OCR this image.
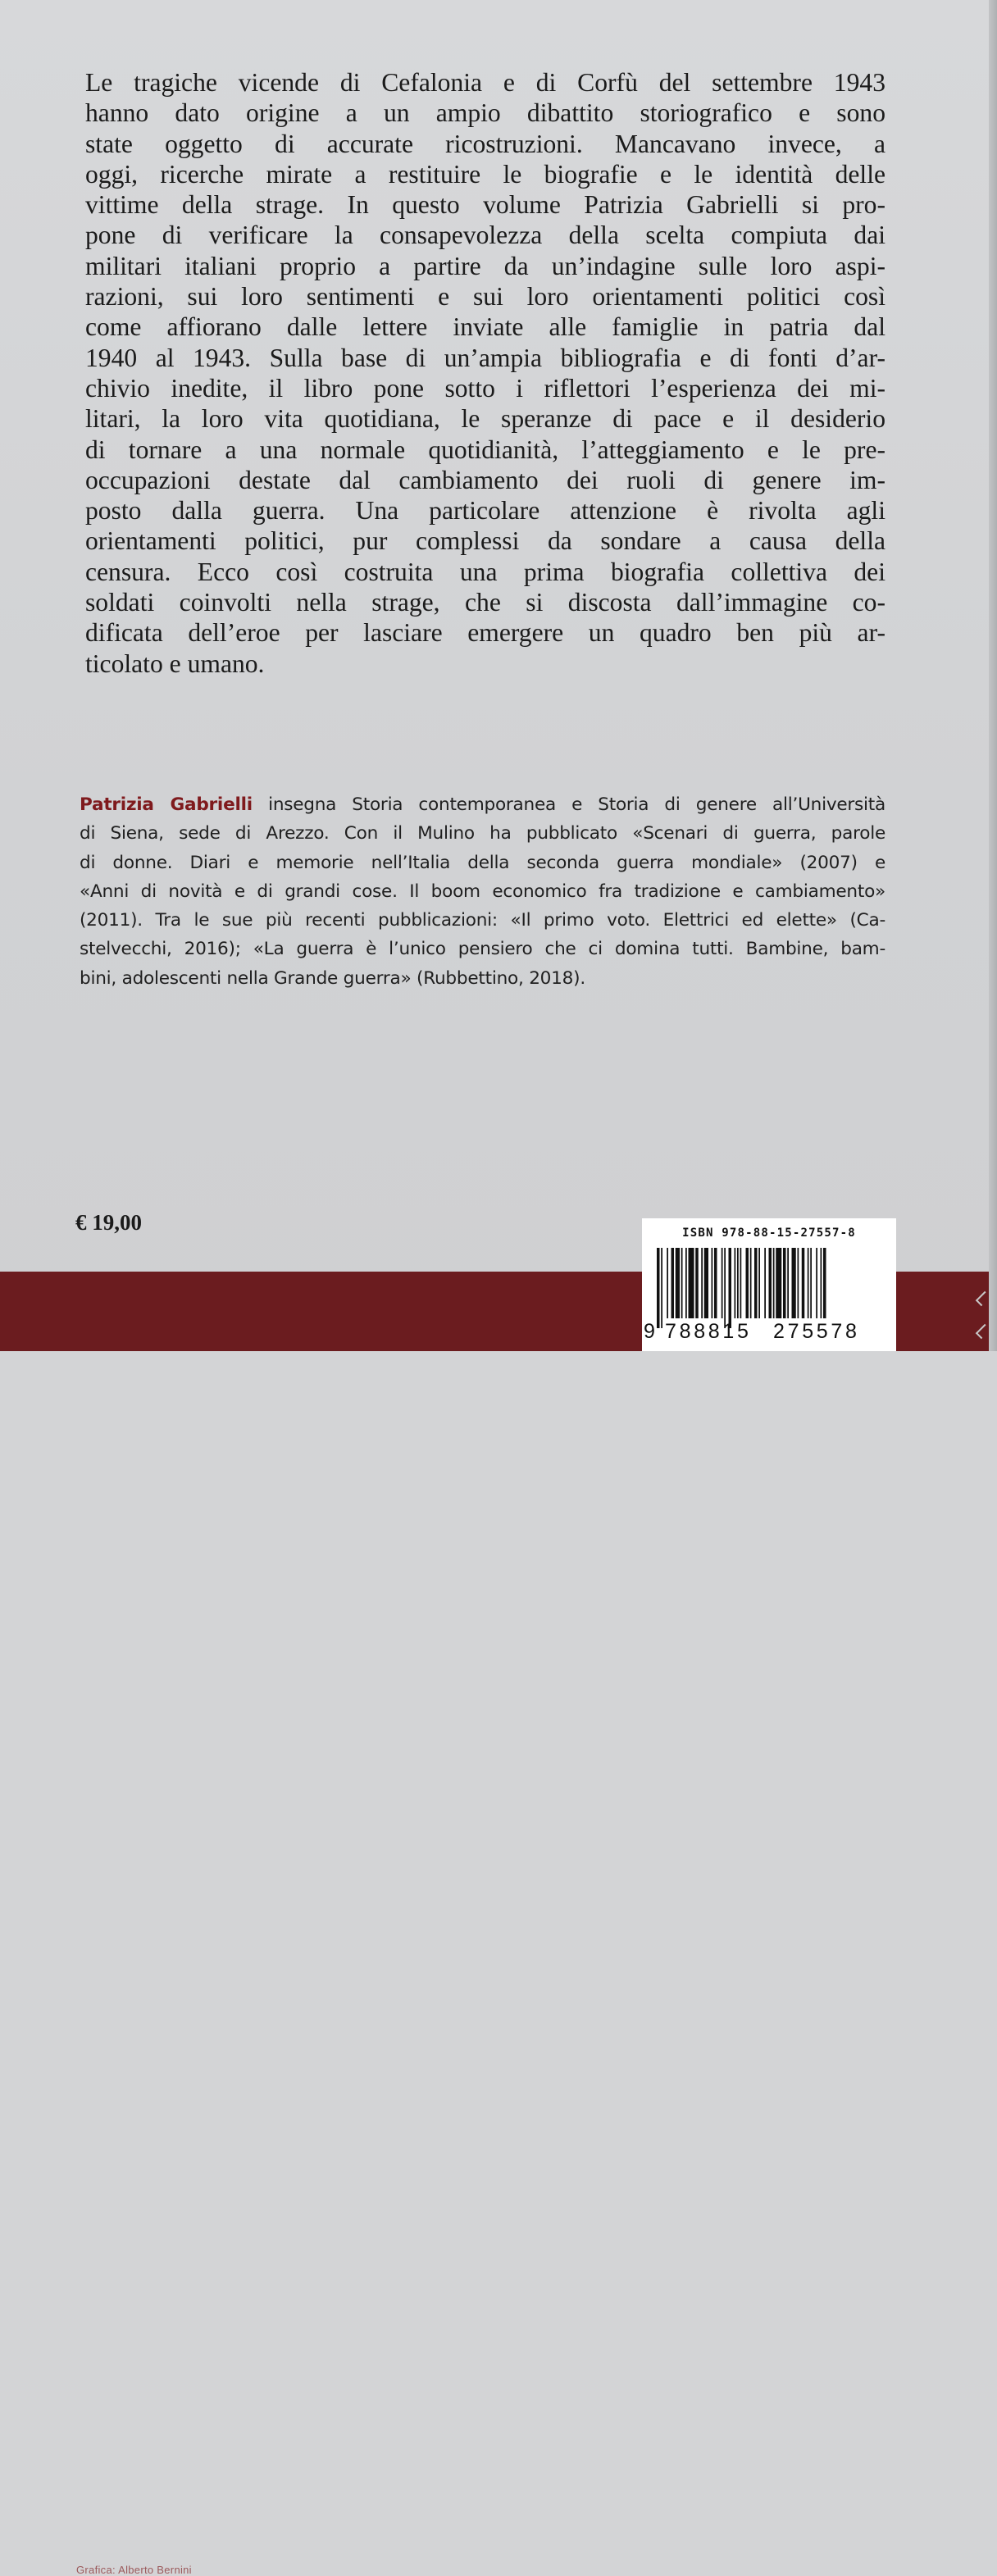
Le tragiche vicende di Cefalonia e di Corfù del settembre 1943
hanno dato origine a un ampio dibattito storiografico e sono
state oggetto di accurate ricostruzioni. Mancavano invece, a
oggi, ricerche mirate a restituire le biografie e le identità delle
vittime della strage. In questo volume Patrizia Gabrielli si pro-
pone di verificare la consapevolezza della scelta compiuta dai
militari italiani proprio a partire da un’indagine sulle loro aspi-
razioni, sui loro sentimenti e sui loro orientamenti politici così
come affiorano dalle lettere inviate alle famiglie in patria dal
1940 al 1943. Sulla base di un’ampia bibliografia e di fonti d’ar-
chivio inedite, il libro pone sotto i riflettori l’esperienza dei mi-
litari, la loro vita quotidiana, le speranze di pace e il desiderio
di tornare a una normale quotidianità, l’atteggiamento e le pre-
occupazioni destate dal cambiamento dei ruoli di genere im-
posto dalla guerra. Una particolare attenzione è rivolta agli
orientamenti politici, pur complessi da sondare a causa della
censura. Ecco così costruita una prima biografia collettiva dei
soldati coinvolti nella strage, che si discosta dall’immagine co-
dificata dell’eroe per lasciare emergere un quadro ben più ar-
ticolato e umano.
Patrizia Gabrielli insegna Storia contemporanea e Storia di genere all’Università
di Siena, sede di Arezzo. Con il Mulino ha pubblicato «Scenari di guerra, parole
di donne. Diari e memorie nell’Italia della seconda guerra mondiale» (2007) e
«Anni di novità e di grandi cose. Il boom economico fra tradizione e cambiamento»
(2011). Tra le sue più recenti pubblicazioni: «Il primo voto. Elettrici ed elette» (Ca-
stelvecchi, 2016); «La guerra è l’unico pensiero che ci domina tutti. Bambine, bam-
bini, adolescenti nella Grande guerra» (Rubbettino, 2018).
€ 19,00
Grafica: Alberto Bernini
ISBN 978-88-15-27557-8
9 788815 275578
